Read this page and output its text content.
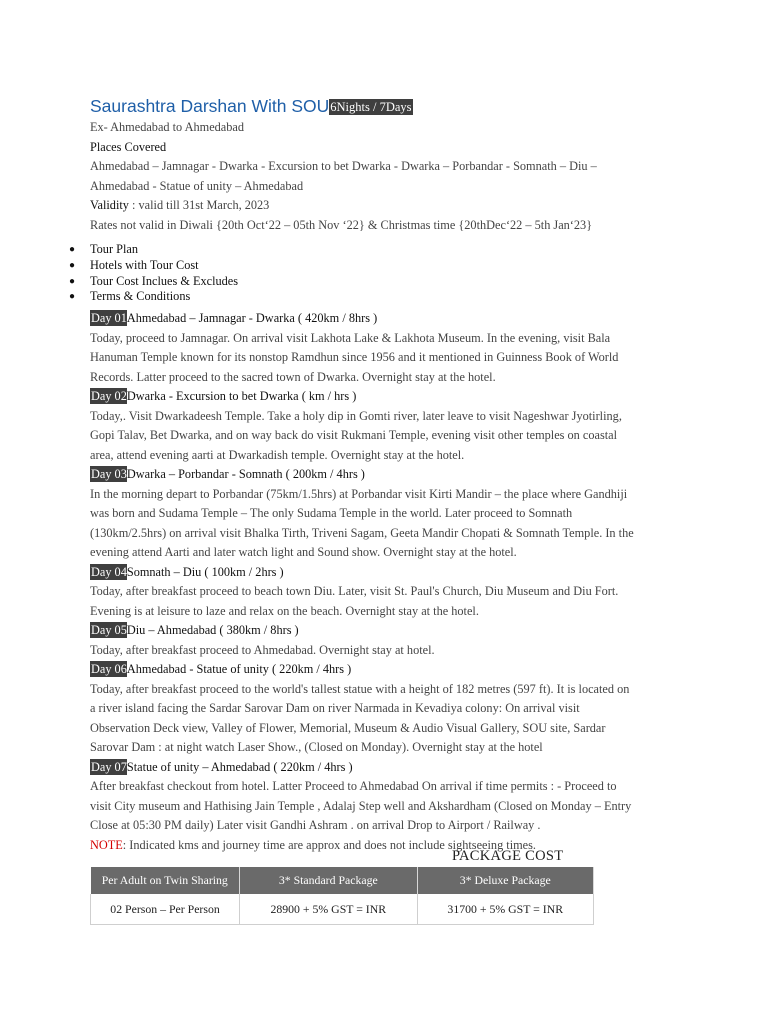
Saurashtra Darshan With SOU6Nights / 7Days

Ex- Ahmedabad to Ahmedabad

Places Covered

Ahmedabad – Jamnagar - Dwarka - Excursion to bet Dwarka - Dwarka – Porbandar - Somnath – Diu –

Ahmedabad - Statue of unity – Ahmedabad

Validity : valid till 31st March, 2023

Rates not valid in Diwali {20th Oct‘22 – 05th Nov ‘22} & Christmas time {20thDec‘22 – 5th Jan‘23}

● Tour Plan
● Hotels with Tour Cost
● Tour Cost Inclues & Excludes
● Terms & Conditions
Day 01Ahmedabad – Jamnagar - Dwarka ( 420km / 8hrs )
Today, proceed to Jamnagar. On arrival visit Lakhota Lake & Lakhota Museum. In the evening, visit Bala
Hanuman Temple known for its nonstop Ramdhun since 1956 and it mentioned in Guinness Book of World
Records. Latter proceed to the sacred town of Dwarka. Overnight stay at the hotel.
Day 02Dwarka - Excursion to bet Dwarka ( km / hrs )
Today,. Visit Dwarkadeesh Temple. Take a holy dip in Gomti river, later leave to visit Nageshwar Jyotirling,
Gopi Talav, Bet Dwarka, and on way back do visit Rukmani Temple, evening visit other temples on coastal
area, attend evening aarti at Dwarkadish temple. Overnight stay at the hotel.
Day 03Dwarka – Porbandar - Somnath ( 200km / 4hrs )
In the morning depart to Porbandar (75km/1.5hrs) at Porbandar visit Kirti Mandir – the place where Gandhiji
was born and Sudama Temple – The only Sudama Temple in the world. Later proceed to Somnath
(130km/2.5hrs) on arrival visit Bhalka Tirth, Triveni Sagam, Geeta Mandir Chopati & Somnath Temple. In the
evening attend Aarti and later watch light and Sound show. Overnight stay at the hotel.
Day 04Somnath – Diu ( 100km / 2hrs )
Today, after breakfast proceed to beach town Diu. Later, visit St. Paul's Church, Diu Museum and Diu Fort.
Evening is at leisure to laze and relax on the beach. Overnight stay at the hotel.
Day 05Diu – Ahmedabad ( 380km / 8hrs )
Today, after breakfast proceed to Ahmedabad. Overnight stay at hotel.
Day 06Ahmedabad - Statue of unity ( 220km / 4hrs )
Today, after breakfast proceed to the world's tallest statue with a height of 182 metres (597 ft). It is located on
a river island facing the Sardar Sarovar Dam on river Narmada in Kevadiya colony: On arrival visit
Observation Deck view, Valley of Flower, Memorial, Museum & Audio Visual Gallery, SOU site, Sardar
Sarovar Dam : at night watch Laser Show., (Closed on Monday). Overnight stay at the hotel
Day 07Statue of unity – Ahmedabad ( 220km / 4hrs )
After breakfast checkout from hotel. Latter Proceed to Ahmedabad On arrival if time permits : - Proceed to
visit City museum and Hathising Jain Temple , Adalaj Step well and Akshardham (Closed on Monday – Entry
Close at 05:30 PM daily) Later visit Gandhi Ashram . on arrival Drop to Airport / Railway .
NOTE: Indicated kms and journey time are approx and does not include sightseeing times.
PACKAGE COST
Per Adult on Twin Sharing	3* Standard Package	3* Deluxe Package
02 Person – Per Person	28900 + 5% GST = INR	31700 + 5% GST = INR
